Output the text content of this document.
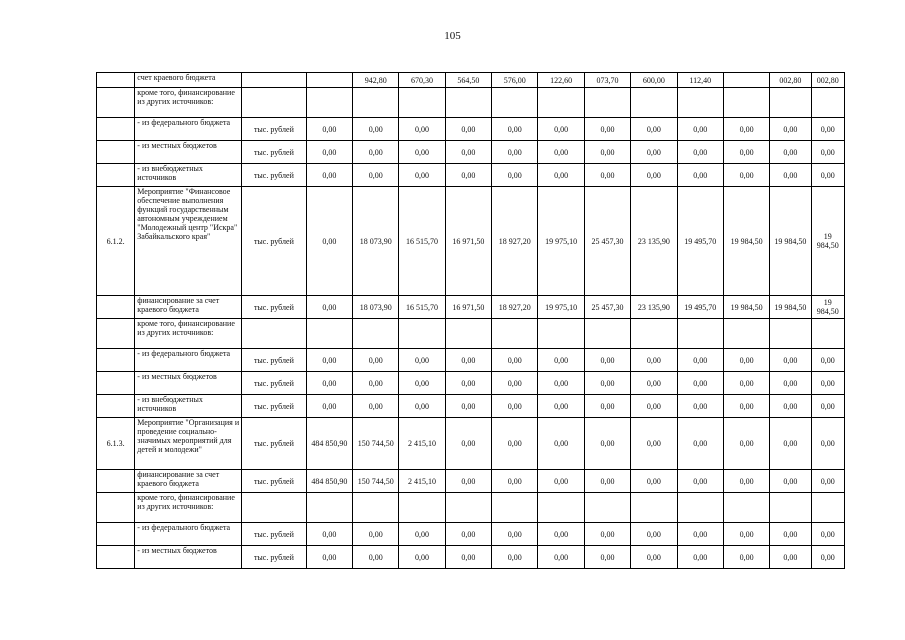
105
	счет краевого бюджета			942,80	670,30	564,50	576,00	122,60	073,70	600,00	112,40		002,80	002,80
	кроме того, финансирование из других источников:													
	- из федерального бюджета	тыс. рублей	0,00	0,00	0,00	0,00	0,00	0,00	0,00	0,00	0,00	0,00	0,00	0,00
	- из местных бюджетов	тыс. рублей	0,00	0,00	0,00	0,00	0,00	0,00	0,00	0,00	0,00	0,00	0,00	0,00
	- из внебюджетных источников	тыс. рублей	0,00	0,00	0,00	0,00	0,00	0,00	0,00	0,00	0,00	0,00	0,00	0,00
6.1.2.	Мероприятие "Финансовое обеспечение выполнения функций государственным автономным учреждением "Молодежный центр "Искра" Забайкальского края"	тыс. рублей	0,00	18 073,90	16 515,70	16 971,50	18 927,20	19 975,10	25 457,30	23 135,90	19 495,70	19 984,50	19 984,50	19 984,50
	финансирование за счет краевого бюджета	тыс. рублей	0,00	18 073,90	16 515,70	16 971,50	18 927,20	19 975,10	25 457,30	23 135,90	19 495,70	19 984,50	19 984,50	19 984,50
	кроме того, финансирование из других источников:													
	- из федерального бюджета	тыс. рублей	0,00	0,00	0,00	0,00	0,00	0,00	0,00	0,00	0,00	0,00	0,00	0,00
	- из местных бюджетов	тыс. рублей	0,00	0,00	0,00	0,00	0,00	0,00	0,00	0,00	0,00	0,00	0,00	0,00
	- из внебюджетных источников	тыс. рублей	0,00	0,00	0,00	0,00	0,00	0,00	0,00	0,00	0,00	0,00	0,00	0,00
6.1.3.	Мероприятие "Организация и проведение социально-значимых мероприятий для детей и молодежи"	тыс. рублей	484 850,90	150 744,50	2 415,10	0,00	0,00	0,00	0,00	0,00	0,00	0,00	0,00	0,00
	финансирование за счет краевого бюджета	тыс. рублей	484 850,90	150 744,50	2 415,10	0,00	0,00	0,00	0,00	0,00	0,00	0,00	0,00	0,00
	кроме того, финансирование из других источников:													
	- из федерального бюджета	тыс. рублей	0,00	0,00	0,00	0,00	0,00	0,00	0,00	0,00	0,00	0,00	0,00	0,00
	- из местных бюджетов	тыс. рублей	0,00	0,00	0,00	0,00	0,00	0,00	0,00	0,00	0,00	0,00	0,00	0,00
